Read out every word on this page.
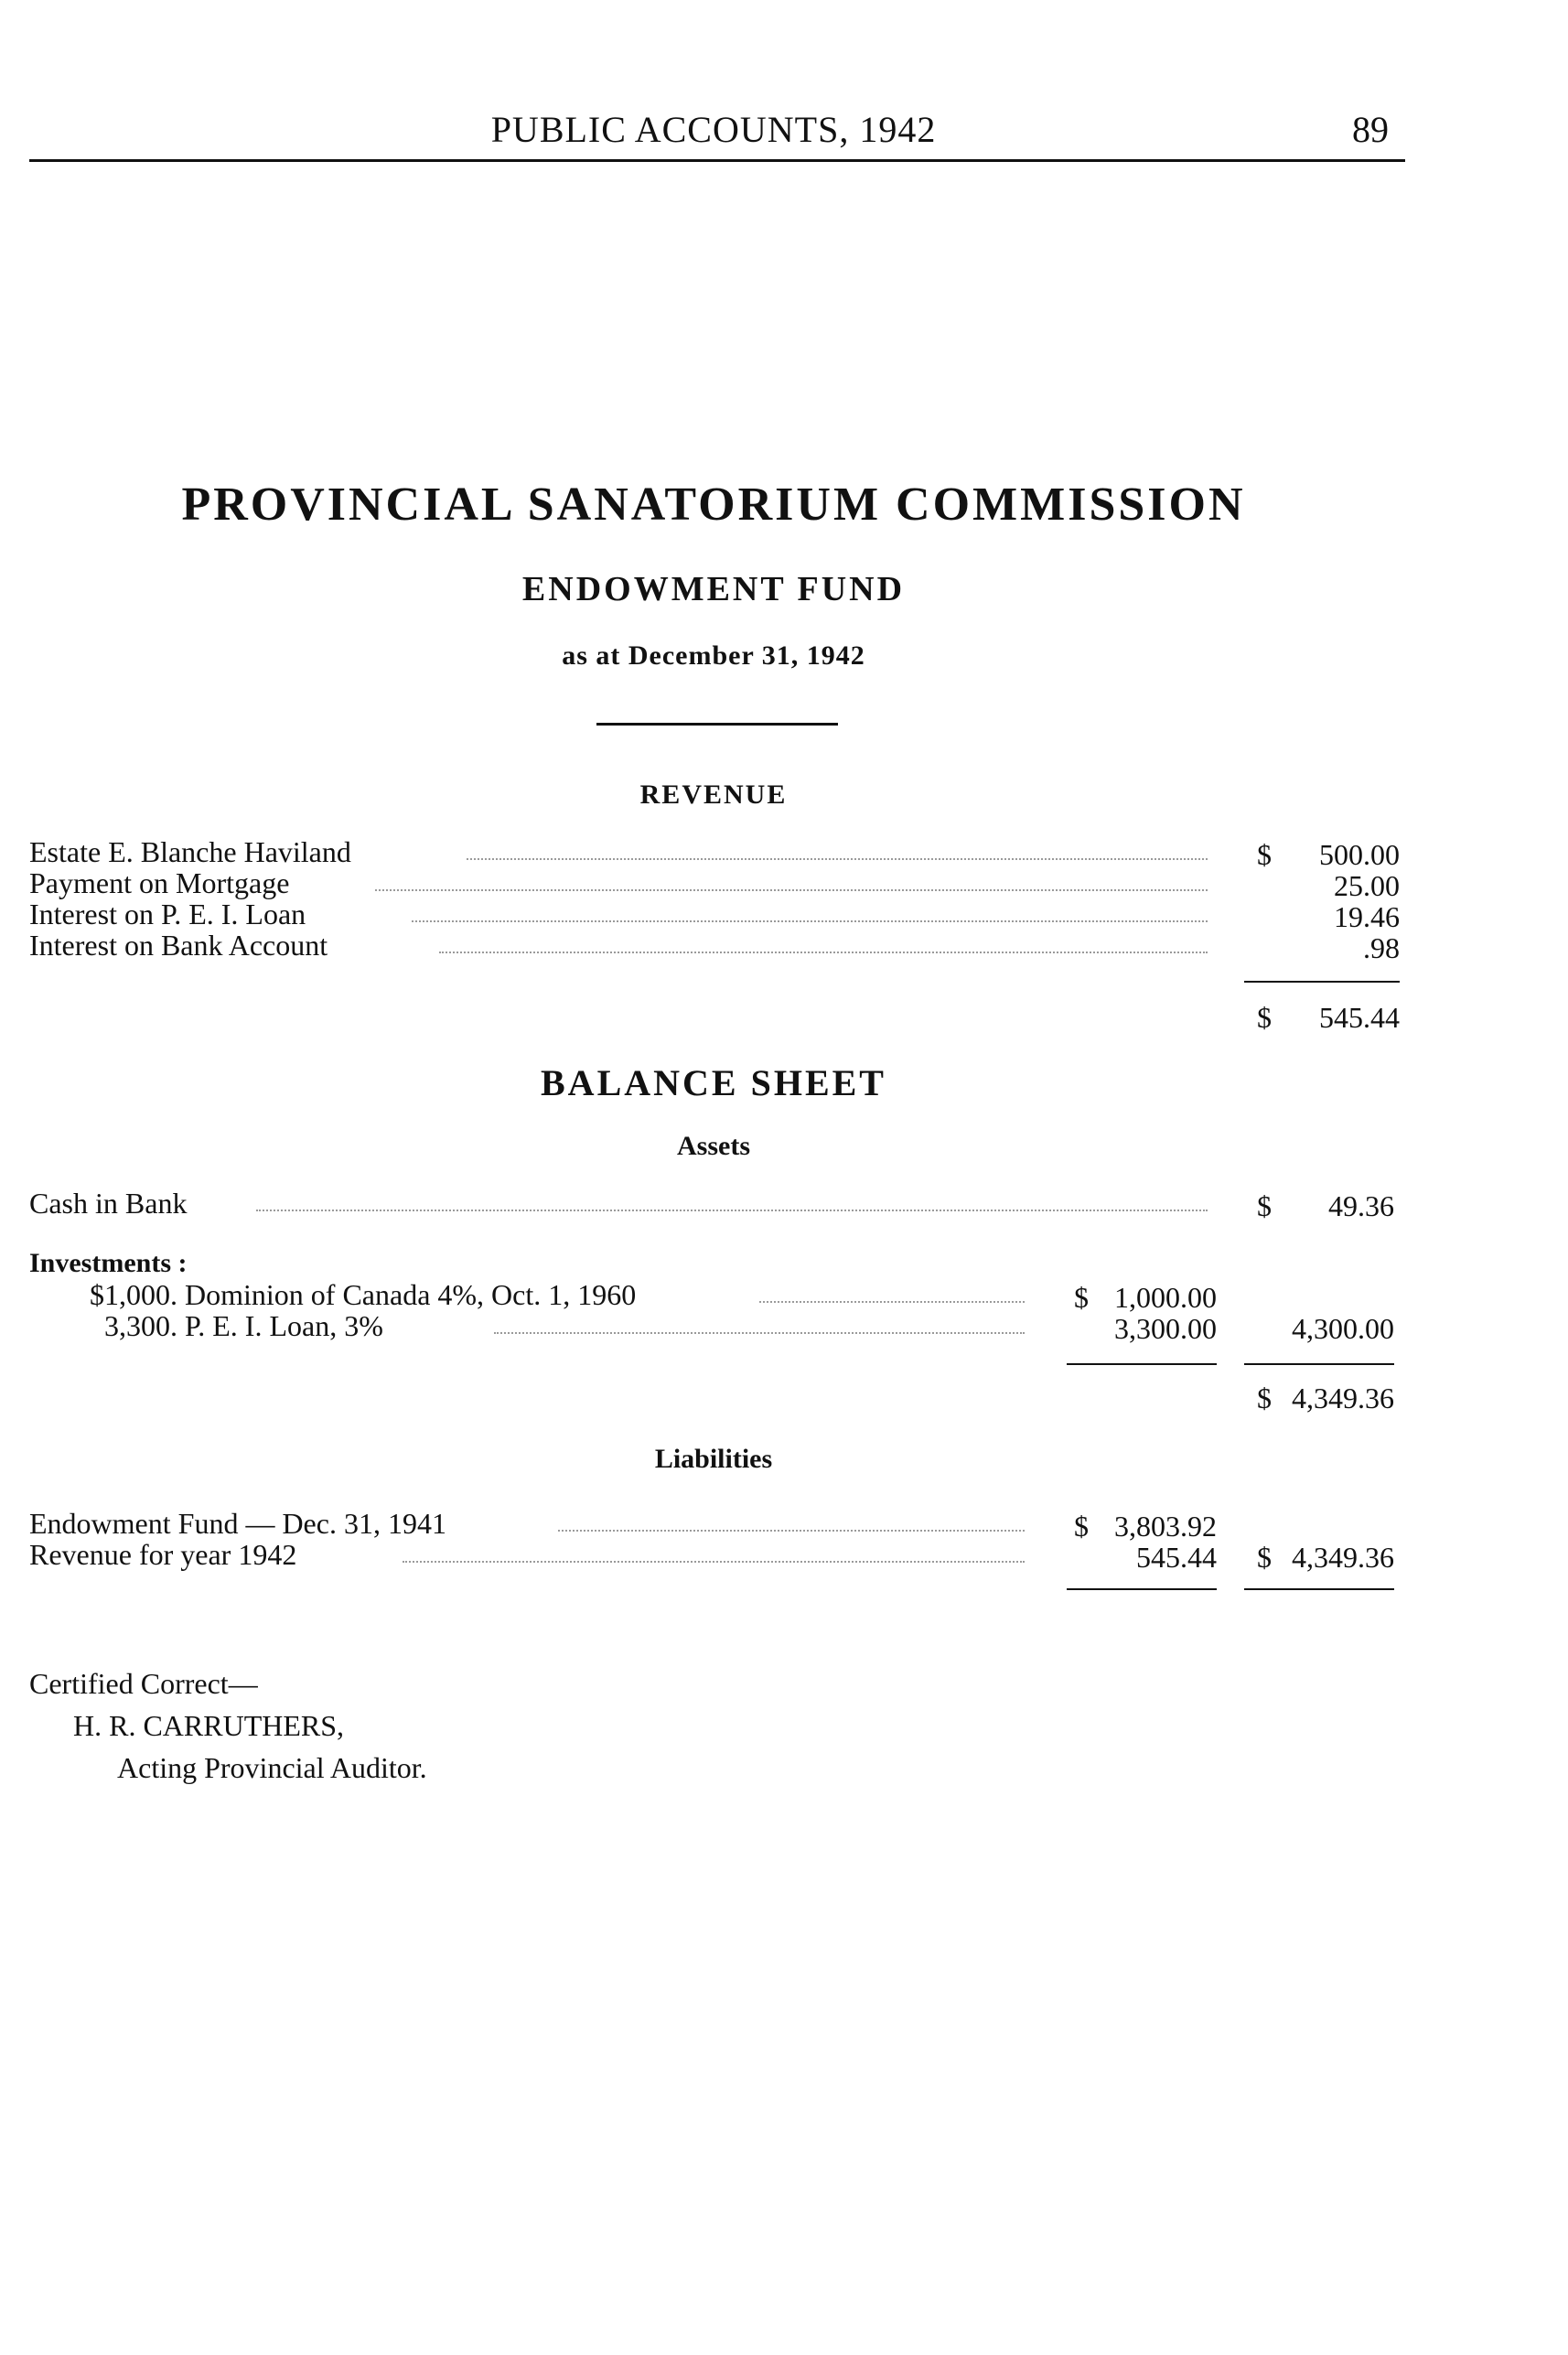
PUBLIC ACCOUNTS, 1942	89
PROVINCIAL SANATORIUM COMMISSION
ENDOWMENT FUND
as at December 31, 1942
REVENUE
Estate E. Blanche Haviland	$	500.00
Payment on Mortgage	25.00
Interest on P. E. I. Loan	19.46
Interest on Bank Account	.98
$	545.44
BALANCE SHEET
Assets
Cash in Bank	$	49.36
Investments :
$1,000. Dominion of Canada 4%, Oct. 1, 1960	$ 1,000.00
3,300. P. E. I. Loan, 3%	3,300.00	4,300.00
$ 4,349.36
Liabilities
Endowment Fund — Dec. 31, 1941	$ 3,803.92
Revenue for year 1942	545.44	$ 4,349.36
Certified Correct—
H. R. CARRUTHERS,
Acting Provincial Auditor.
